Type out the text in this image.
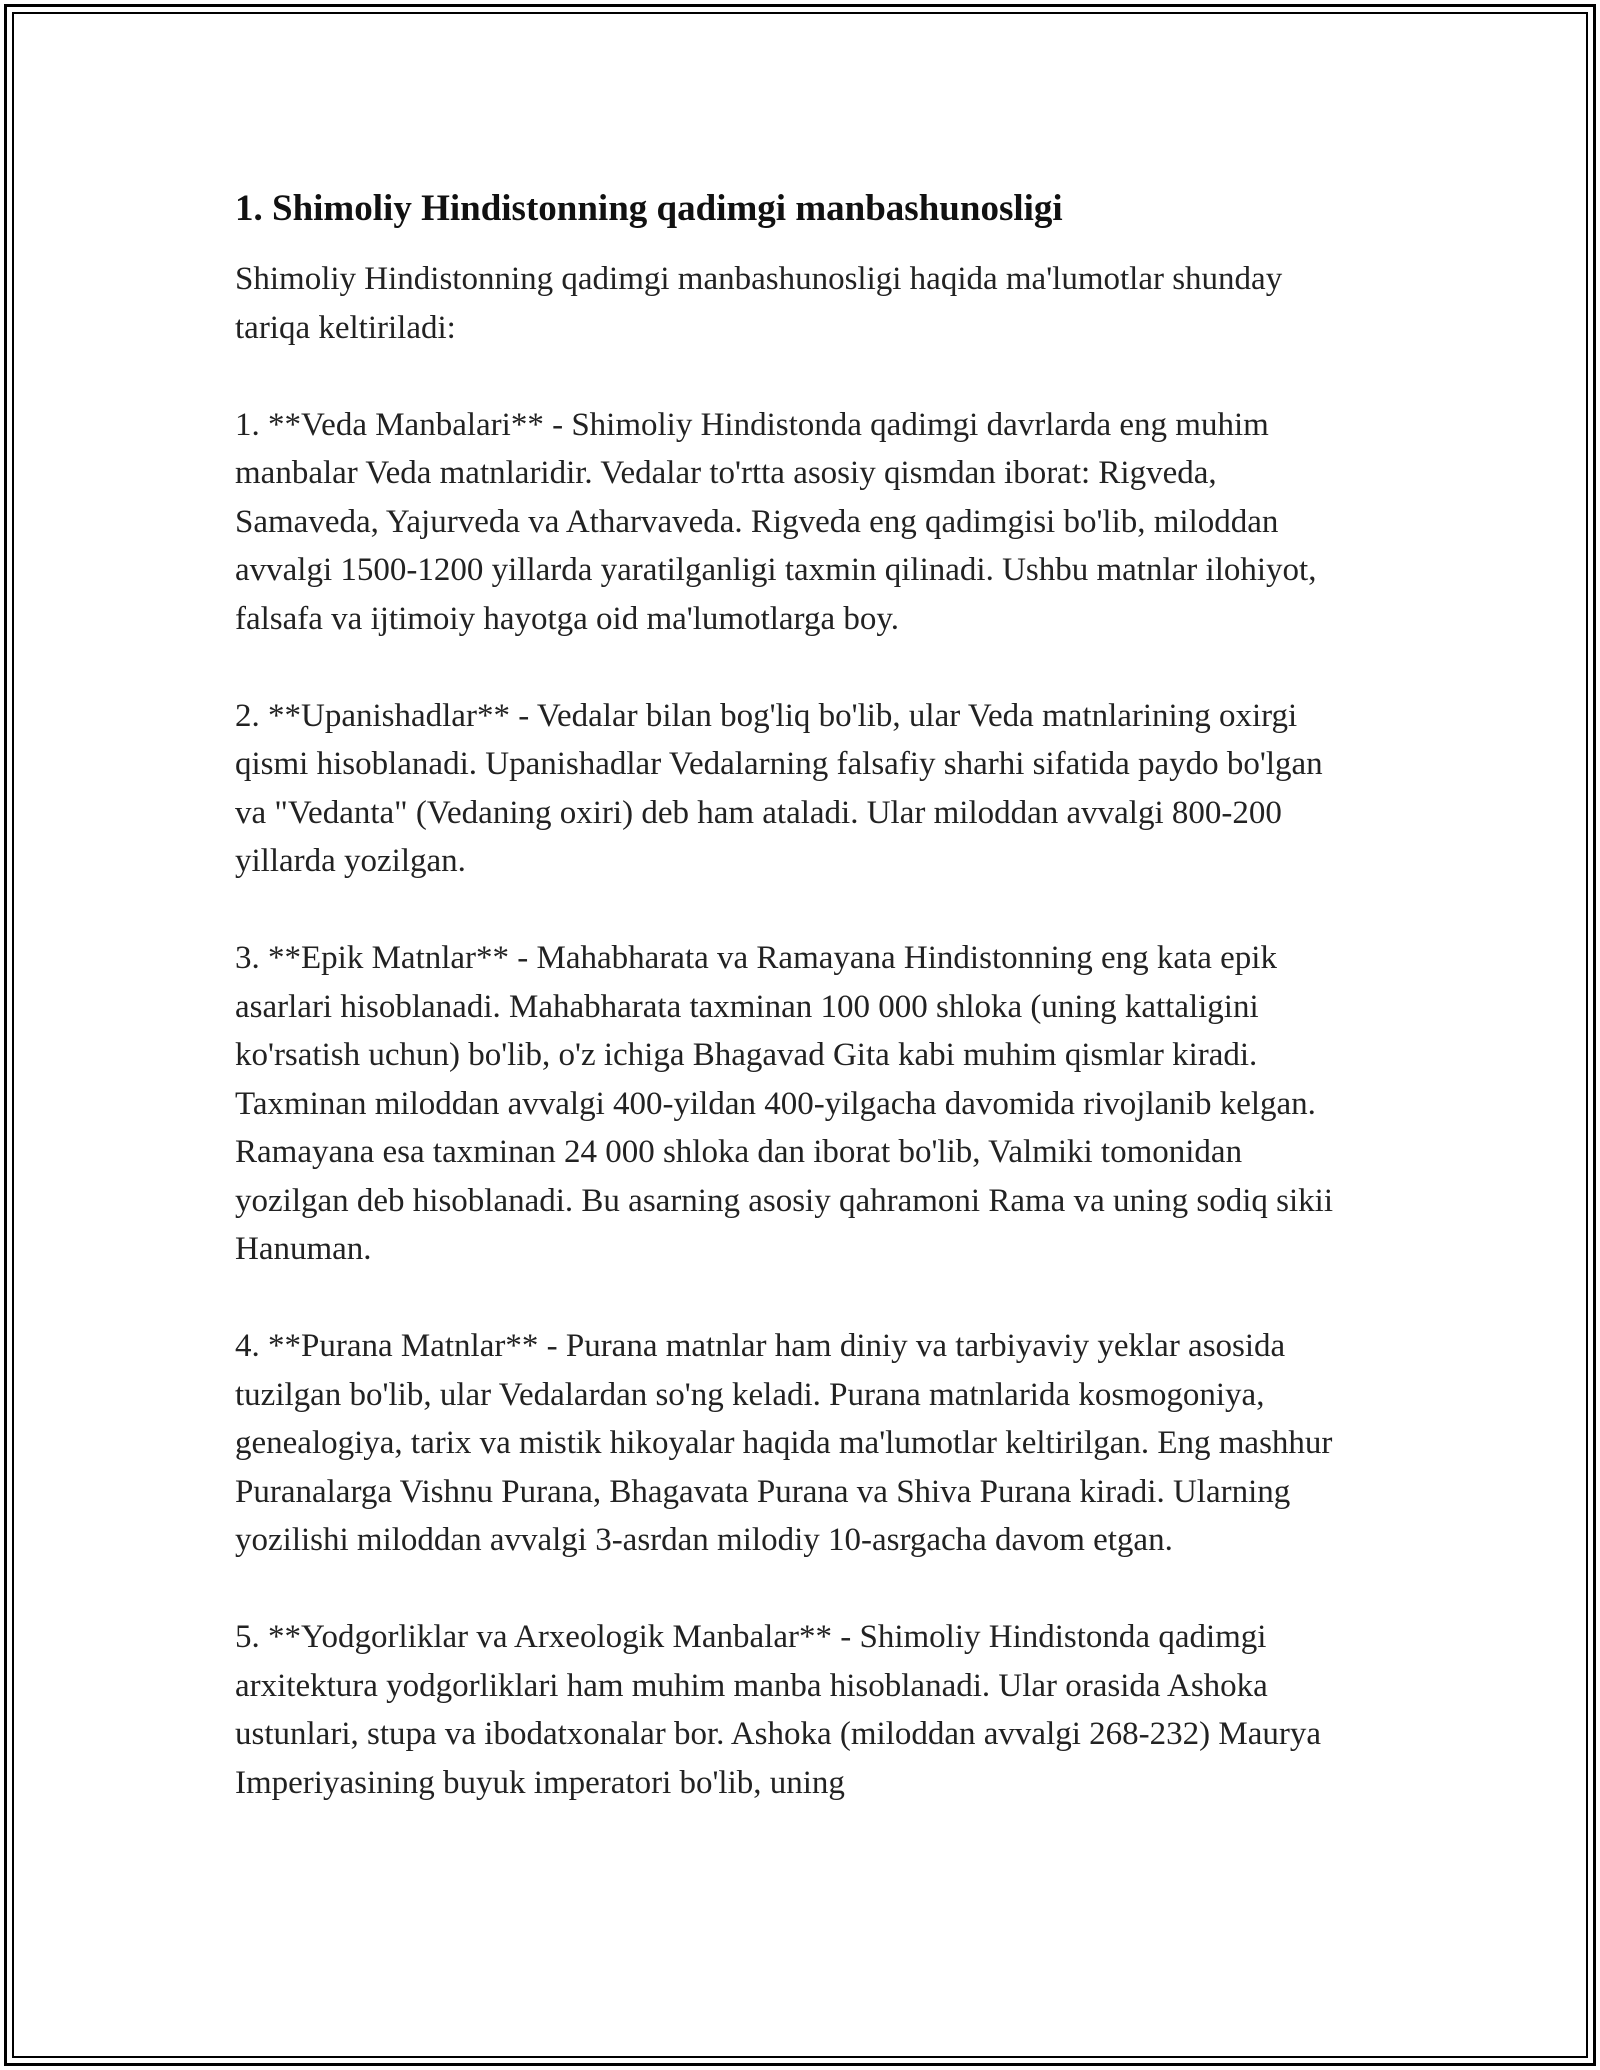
1. Shimoliy Hindistonning qadimgi manbashunosligi

Shimoliy Hindistonning qadimgi manbashunosligi haqida ma'lumotlar shunday tariqa keltiriladi:

1. **Veda Manbalari** - Shimoliy Hindistonda qadimgi davrlarda eng muhim manbalar Veda matnlaridir. Vedalar to'rtta asosiy qismdan iborat: Rigveda, Samaveda, Yajurveda va Atharvaveda. Rigveda eng qadimgisi bo'lib, miloddan avvalgi 1500-1200 yillarda yaratilganligi taxmin qilinadi. Ushbu matnlar ilohiyot, falsafa va ijtimoiy hayotga oid ma'lumotlarga boy.

2. **Upanishadlar** - Vedalar bilan bog'liq bo'lib, ular Veda matnlarining oxirgi qismi hisoblanadi. Upanishadlar Vedalarning falsafiy sharhi sifatida paydo bo'lgan va "Vedanta" (Vedaning oxiri) deb ham ataladi. Ular miloddan avvalgi 800-200 yillarda yozilgan.

3. **Epik Matnlar** - Mahabharata va Ramayana Hindistonning eng kata epik asarlari hisoblanadi. Mahabharata taxminan 100 000 shloka (uning kattaligini ko'rsatish uchun) bo'lib, o'z ichiga Bhagavad Gita kabi muhim qismlar kiradi. Taxminan miloddan avvalgi 400-yildan 400-yilgacha davomida rivojlanib kelgan. Ramayana esa taxminan 24 000 shloka dan iborat bo'lib, Valmiki tomonidan yozilgan deb hisoblanadi. Bu asarning asosiy qahramoni Rama va uning sodiq sikii Hanuman.

4. **Purana Matnlar** - Purana matnlar ham diniy va tarbiyaviy yeklar asosida tuzilgan bo'lib, ular Vedalardan so'ng keladi. Purana matnlarida kosmogoniya, genealogiya, tarix va mistik hikoyalar haqida ma'lumotlar keltirilgan. Eng mashhur Puranalarga Vishnu Purana, Bhagavata Purana va Shiva Purana kiradi. Ularning yozilishi miloddan avvalgi 3-asrdan milodiy 10-asrgacha davom etgan.

5. **Yodgorliklar va Arxeologik Manbalar** - Shimoliy Hindistonda qadimgi arxitektura yodgorliklari ham muhim manba hisoblanadi. Ular orasida Ashoka ustunlari, stupa va ibodatxonalar bor. Ashoka (miloddan avvalgi 268-232) Maurya Imperiyasining buyuk imperatori bo'lib, uning
